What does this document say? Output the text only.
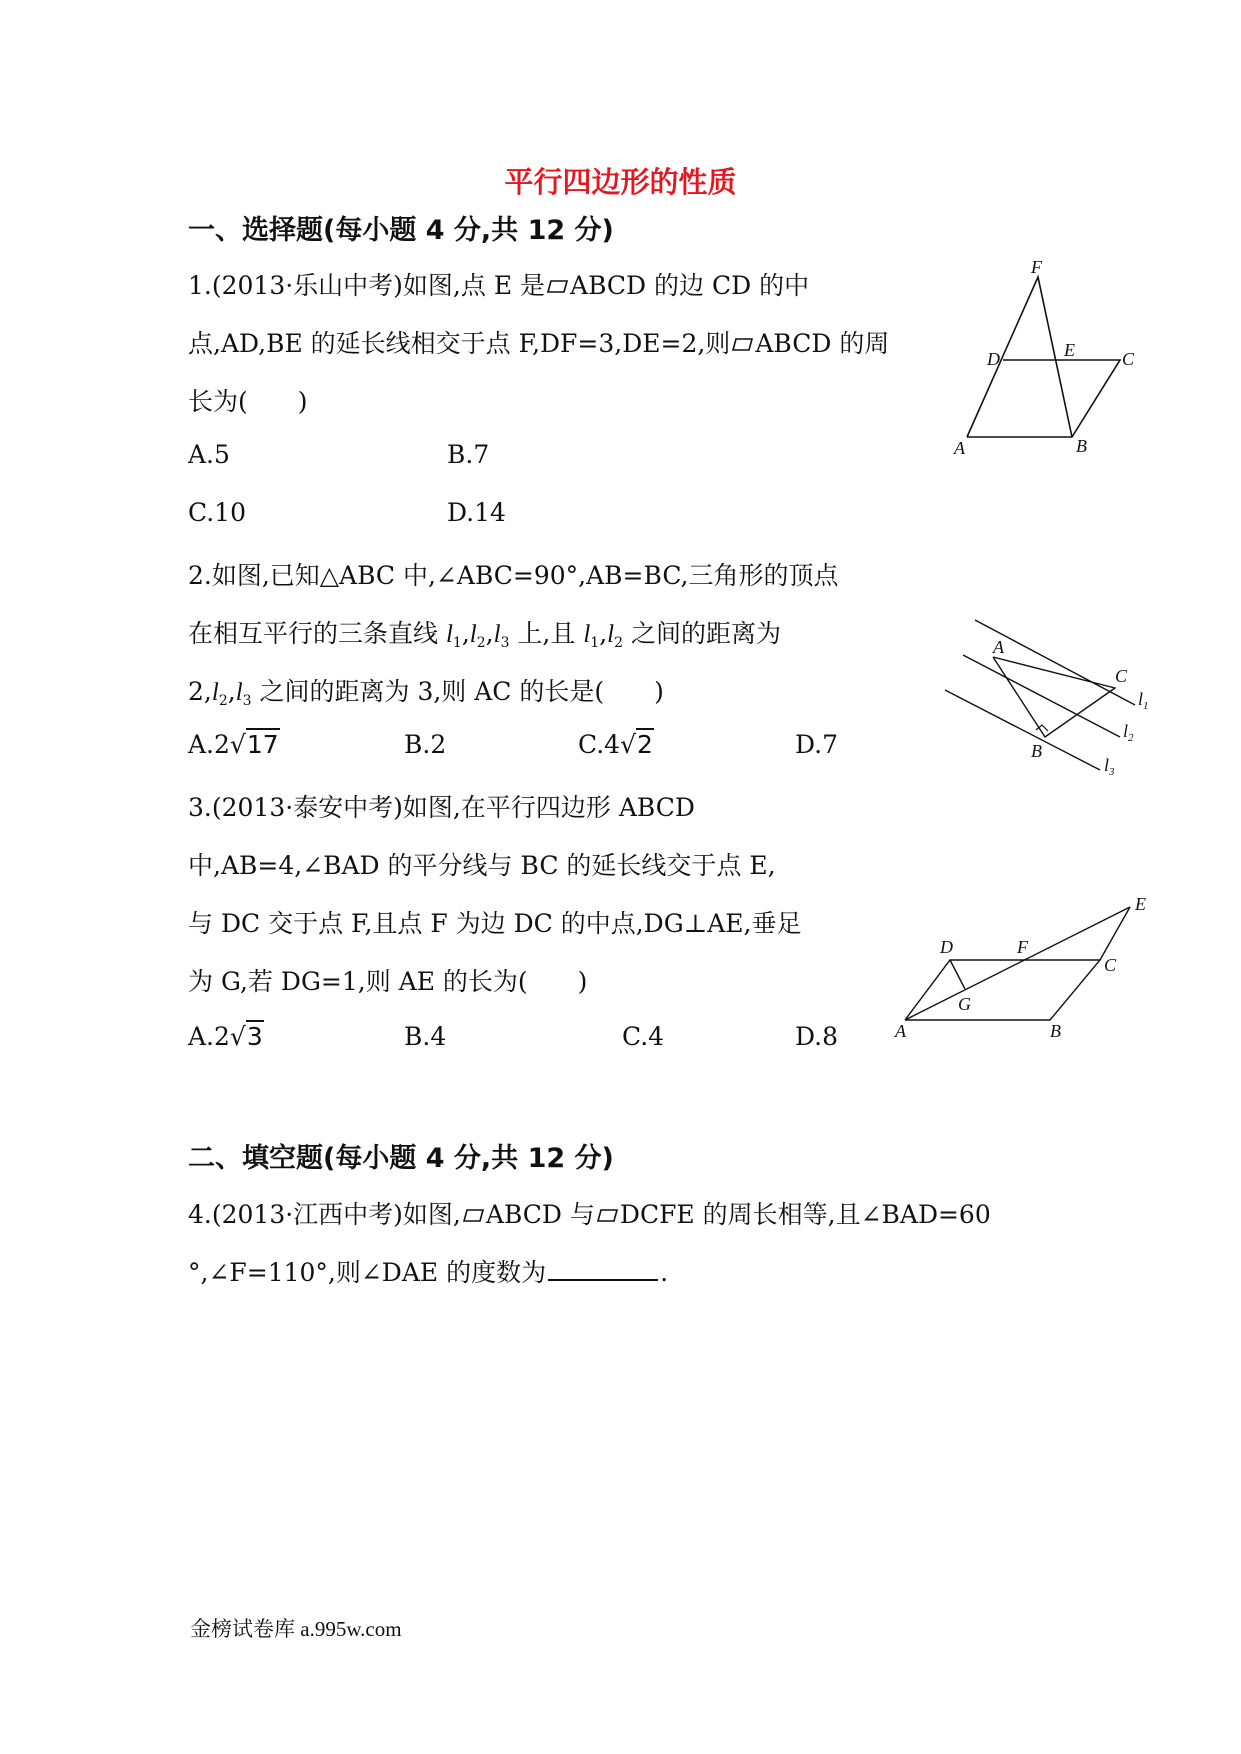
平行四边形的性质
一、选择题(每小题 4 分,共 12 分)
1.(2013·乐山中考)如图,点 E 是 ABCD 的边 CD 的中
点,AD,BE 的延长线相交于点 F,DF=3,DE=2,则 ABCD 的周
长为(　　)
A.5	B.7
C.10	D.14
F
D	E	C
A	B
2.如图,已知△ABC 中,∠ABC=90°,AB=BC,三角形的顶点
在相互平行的三条直线 $l_1,l_2,l_3$ 上,且 $l_1,l_2$ 之间的距离为
$2,l_2,l_3$ 之间的距离为 3,则 AC 的长是(　　)
A.2√17	B.2	C.4√2	D.7
A
C
B
$l_1$
$l_2$
$l_3$
3.(2013·泰安中考)如图,在平行四边形 ABCD
中,AB=4,∠BAD 的平分线与 BC 的延长线交于点 E,
与 DC 交于点 F,且点 F 为边 DC 的中点,DG⊥AE,垂足
为 G,若 DG=1,则 AE 的长为(　　)
A.2√3	B.4	C.4	D.8
E
D	F
C
G
A	B
二、填空题(每小题 4 分,共 12 分)
4.(2013·江西中考)如图, ABCD 与 DCFE 的周长相等,且∠BAD=60
°,∠F=110°,则∠DAE 的度数为	.
金榜试卷库 a.995w.com
